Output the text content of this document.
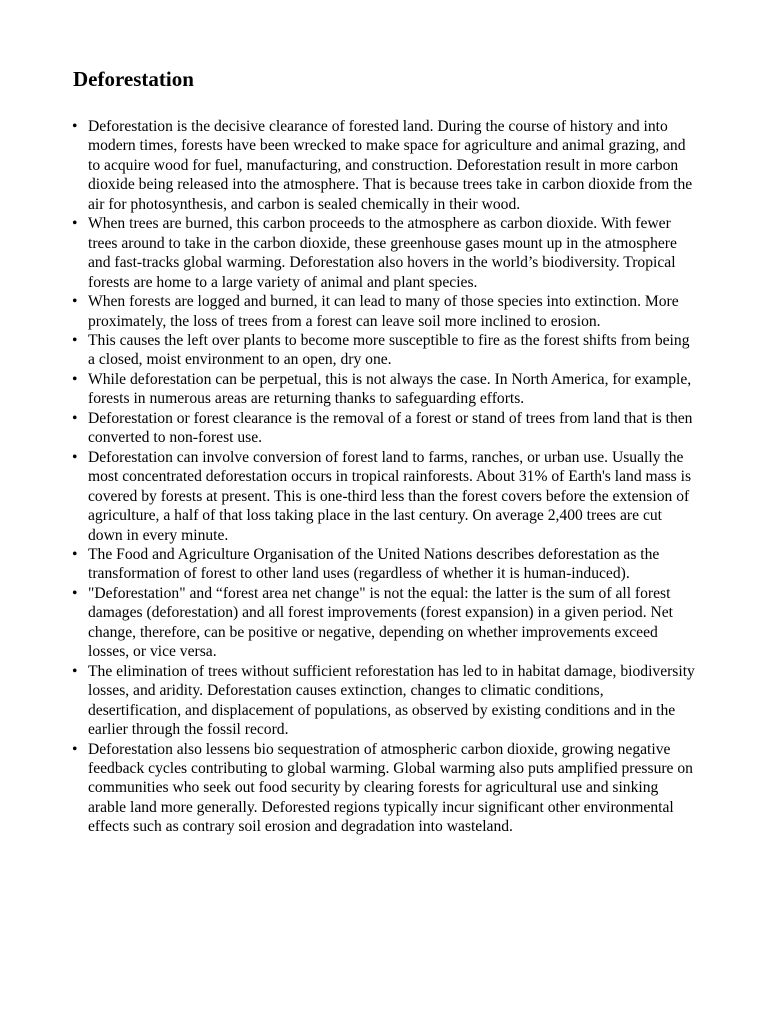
Deforestation
• Deforestation is the decisive clearance of forested land. During the course of history and into modern times, forests have been wrecked to make space for agriculture and animal grazing, and to acquire wood for fuel, manufacturing, and construction. Deforestation result in more carbon dioxide being released into the atmosphere. That is because trees take in carbon dioxide from the air for photosynthesis, and carbon is sealed chemically in their wood.
• When trees are burned, this carbon proceeds to the atmosphere as carbon dioxide. With fewer trees around to take in the carbon dioxide, these greenhouse gases mount up in the atmosphere and fast-tracks global warming. Deforestation also hovers in the world’s biodiversity. Tropical forests are home to a large variety of animal and plant species.
• When forests are logged and burned, it can lead to many of those species into extinction. More proximately, the loss of trees from a forest can leave soil more inclined to erosion.
• This causes the left over plants to become more susceptible to fire as the forest shifts from being a closed, moist environment to an open, dry one.
• While deforestation can be perpetual, this is not always the case. In North America, for example, forests in numerous areas are returning thanks to safeguarding efforts.
• Deforestation or forest clearance is the removal of a forest or stand of trees from land that is then converted to non-forest use.
• Deforestation can involve conversion of forest land to farms, ranches, or urban use. Usually the most concentrated deforestation occurs in tropical rainforests. About 31% of Earth's land mass is covered by forests at present. This is one-third less than the forest covers before the extension of agriculture, a half of that loss taking place in the last century. On average 2,400 trees are cut down in every minute.
• The Food and Agriculture Organisation of the United Nations describes deforestation as the transformation of forest to other land uses (regardless of whether it is human-induced).
• "Deforestation" and “forest area net change" is not the equal: the latter is the sum of all forest damages (deforestation) and all forest improvements (forest expansion) in a given period. Net change, therefore, can be positive or negative, depending on whether improvements exceed losses, or vice versa.
• The elimination of trees without sufficient reforestation has led to in habitat damage, biodiversity losses, and aridity. Deforestation causes extinction, changes to climatic conditions, desertification, and displacement of populations, as observed by existing conditions and in the earlier through the fossil record.
• Deforestation also lessens bio sequestration of atmospheric carbon dioxide, growing negative feedback cycles contributing to global warming. Global warming also puts amplified pressure on communities who seek out food security by clearing forests for agricultural use and sinking arable land more generally. Deforested regions typically incur significant other environmental effects such as contrary soil erosion and degradation into wasteland.
